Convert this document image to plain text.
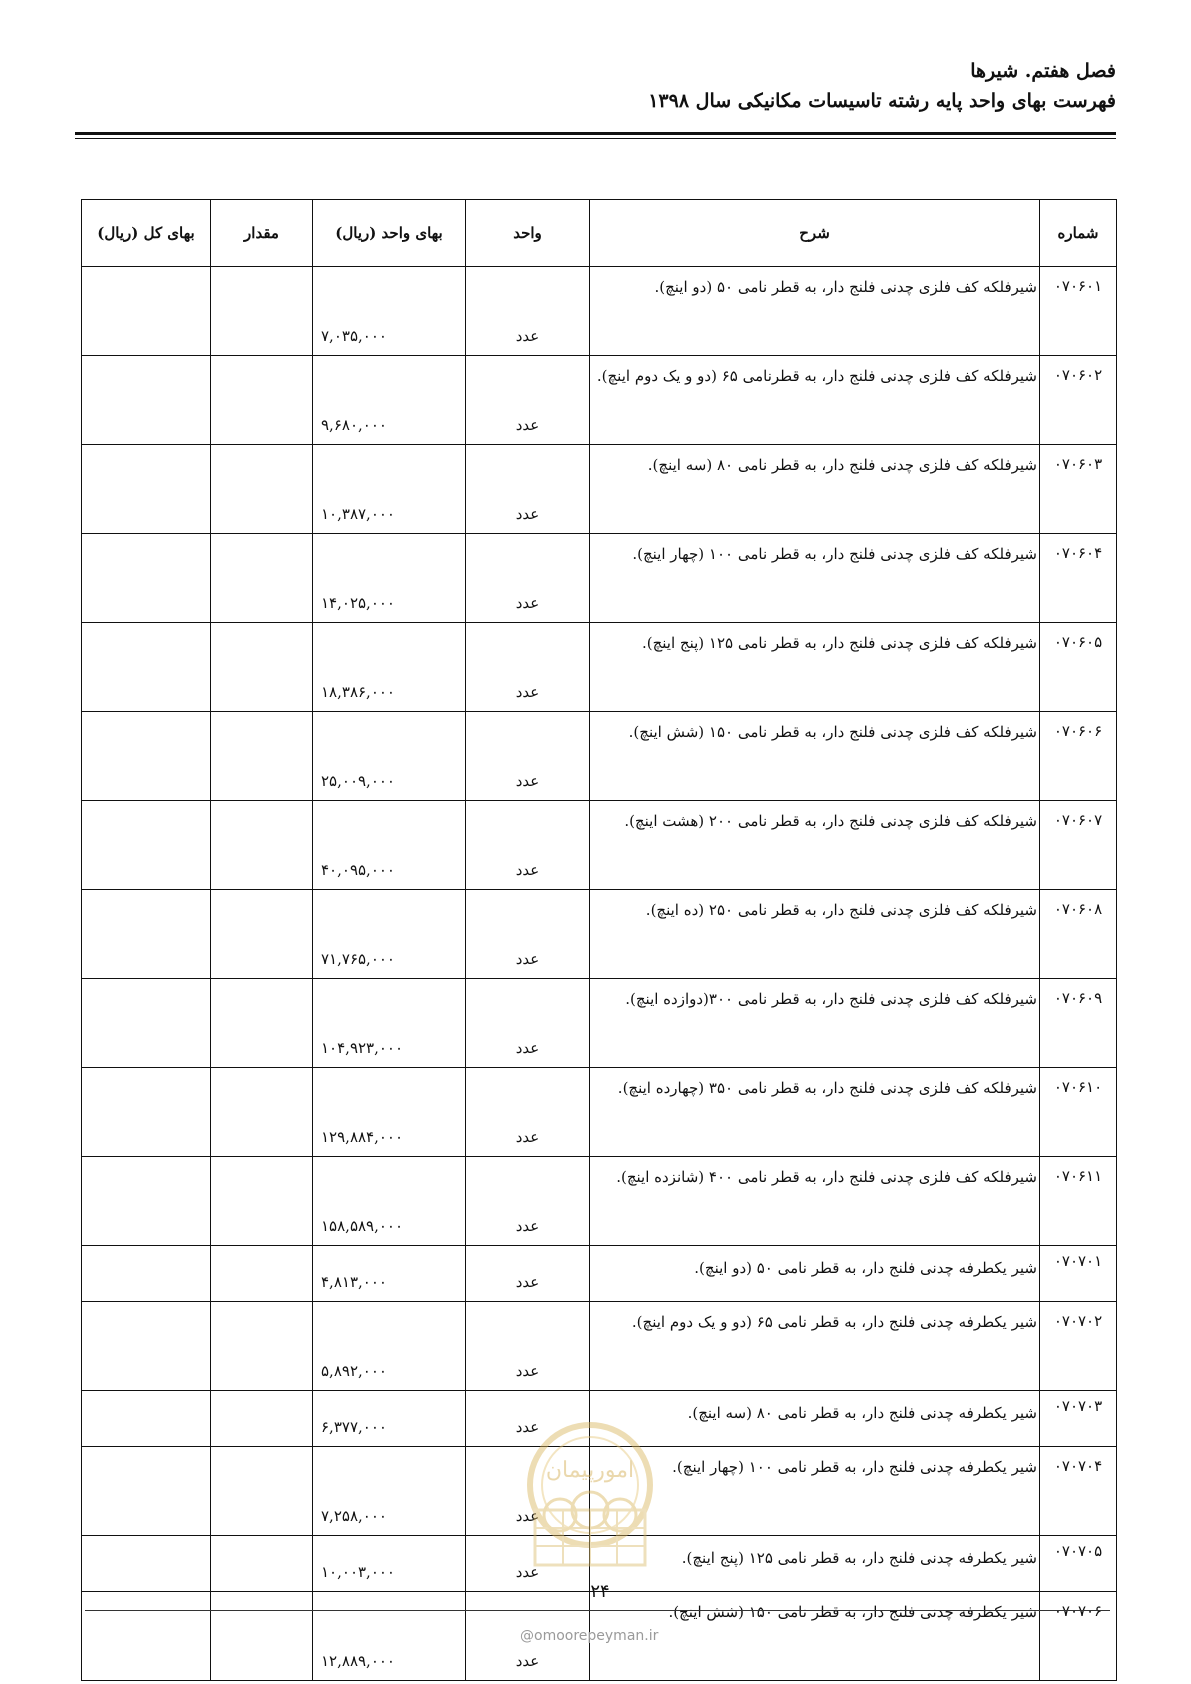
فصل هفتم. شیرها
فهرست بهای واحد پایه رشته تاسیسات مکانیکی سال ۱۳۹۸
شماره	شرح	واحد	بهای واحد (ریال)	مقدار	بهای کل (ریال)
۰۷۰۶۰۱	شیرفلکه کف فلزی چدنی فلنج دار، به قطر نامی ۵۰ (دو اینچ).	عدد	۷,۰۳۵,۰۰۰		
۰۷۰۶۰۲	شیرفلکه کف فلزی چدنی فلنج دار، به قطرنامی ۶۵ (دو و یک دوم اینچ).	عدد	۹,۶۸۰,۰۰۰		
۰۷۰۶۰۳	شیرفلکه کف فلزی چدنی فلنج دار، به قطر نامی ۸۰ (سه اینچ).	عدد	۱۰,۳۸۷,۰۰۰		
۰۷۰۶۰۴	شیرفلکه کف فلزی چدنی فلنج دار، به قطر نامی ۱۰۰ (چهار اینچ).	عدد	۱۴,۰۲۵,۰۰۰		
۰۷۰۶۰۵	شیرفلکه کف فلزی چدنی فلنج دار، به قطر نامی ۱۲۵ (پنج اینچ).	عدد	۱۸,۳۸۶,۰۰۰		
۰۷۰۶۰۶	شیرفلکه کف فلزی چدنی فلنج دار، به قطر نامی ۱۵۰ (شش اینچ).	عدد	۲۵,۰۰۹,۰۰۰		
۰۷۰۶۰۷	شیرفلکه کف فلزی چدنی فلنج دار، به قطر نامی ۲۰۰ (هشت اینچ).	عدد	۴۰,۰۹۵,۰۰۰		
۰۷۰۶۰۸	شیرفلکه کف فلزی چدنی فلنج دار، به قطر نامی ۲۵۰ (ده اینچ).	عدد	۷۱,۷۶۵,۰۰۰		
۰۷۰۶۰۹	شیرفلکه کف فلزی چدنی فلنج دار، به قطر نامی ۳۰۰(دوازده اینچ).	عدد	۱۰۴,۹۲۳,۰۰۰		
۰۷۰۶۱۰	شیرفلکه کف فلزی چدنی فلنج دار، به قطر نامی ۳۵۰ (چهارده اینچ).	عدد	۱۲۹,۸۸۴,۰۰۰		
۰۷۰۶۱۱	شیرفلکه کف فلزی چدنی فلنج دار، به قطر نامی ۴۰۰ (شانزده اینچ).	عدد	۱۵۸,۵۸۹,۰۰۰		
۰۷۰۷۰۱	شیر یکطرفه چدنی فلنج دار، به قطر نامی ۵۰ (دو اینچ).	عدد	۴,۸۱۳,۰۰۰		
۰۷۰۷۰۲	شیر یکطرفه چدنی فلنج دار، به قطر نامی ۶۵ (دو و یک دوم اینچ).	عدد	۵,۸۹۲,۰۰۰		
۰۷۰۷۰۳	شیر یکطرفه چدنی فلنج دار، به قطر نامی ۸۰ (سه اینچ).	عدد	۶,۳۷۷,۰۰۰		
۰۷۰۷۰۴	شیر یکطرفه چدنی فلنج دار، به قطر نامی ۱۰۰ (چهار اینچ).	عدد	۷,۲۵۸,۰۰۰		
۰۷۰۷۰۵	شیر یکطرفه چدنی فلنج دار، به قطر نامی ۱۲۵ (پنج اینچ).	عدد	۱۰,۰۰۳,۰۰۰		
۰۷۰۷۰۶	شیر یکطرفه چدنی فلنج دار، به قطر نامی ۱۵۰ (شش اینچ).	عدد	۱۲,۸۸۹,۰۰۰		
امورپیمان
۲۴
@omoorepeyman.ir
